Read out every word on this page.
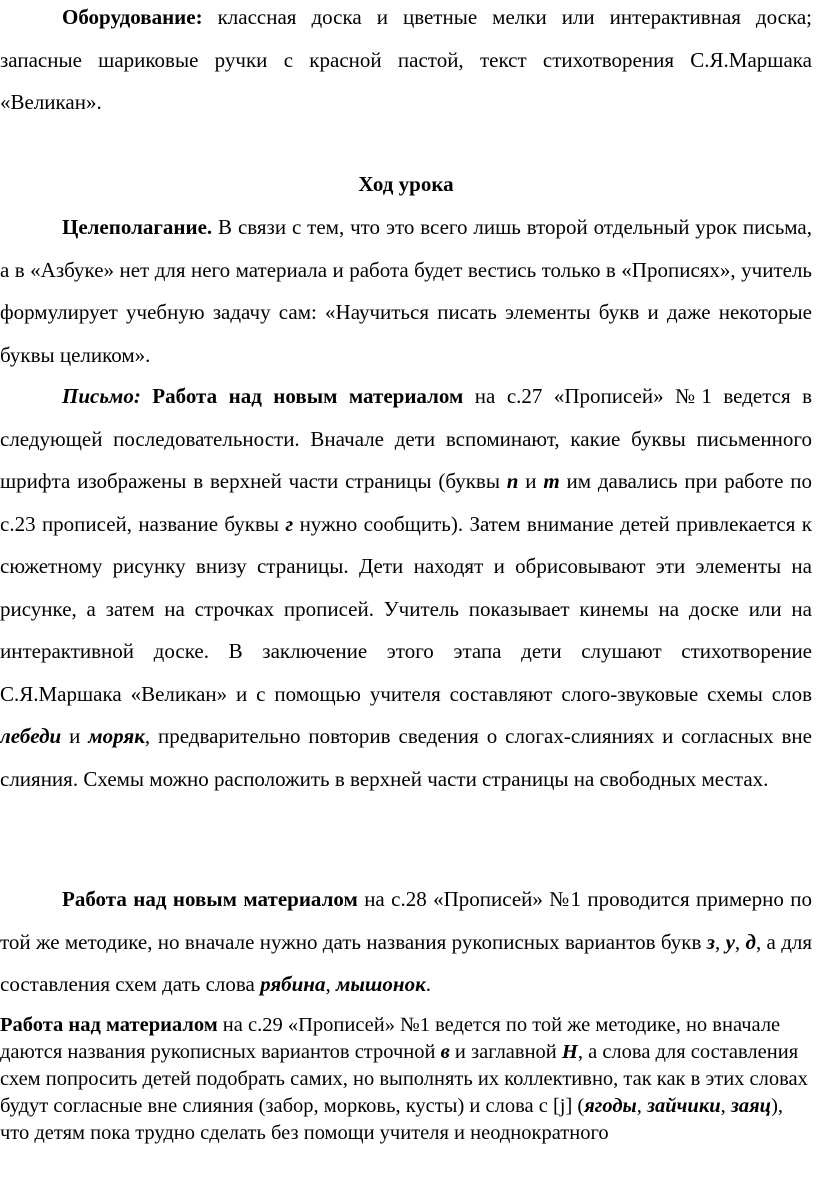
Оборудование: классная доска и цветные мелки или интерактивная доска; запасные шариковые ручки с красной пастой, текст стихотворения С.Я.Маршака «Великан».
Ход урока
Целеполагание. В связи с тем, что это всего лишь второй отдельный урок письма, а в «Азбуке» нет для него материала и работа будет вестись только в «Прописях», учитель формулирует учебную задачу сам: «Научиться писать элементы букв и даже некоторые буквы целиком».
Письмо: Работа над новым материалом на с.27 «Прописей» №1 ведется в следующей последовательности. Вначале дети вспоминают, какие буквы письменного шрифта изображены в верхней части страницы (буквы п и т им давались при работе по с.23 прописей, название буквы г нужно сообщить). Затем внимание детей привлекается к сюжетному рисунку внизу страницы. Дети находят и обрисовывают эти элементы на рисунке, а затем на строчках прописей. Учитель показывает кинемы на доске или на интерактивной доске. В заключение этого этапа дети слушают стихотворение С.Я.Маршака «Великан» и с помощью учителя составляют слого-звуковые схемы слов лебеди и моряк, предварительно повторив сведения о слогах-слияниях и согласных вне слияния. Схемы можно расположить в верхней части страницы на свободных местах.
Работа над новым материалом на с.28 «Прописей» №1 проводится примерно по той же методике, но вначале нужно дать названия рукописных вариантов букв з, у, д, а для составления схем дать слова рябина, мышонок.
Работа над материалом на с.29 «Прописей» №1 ведется по той же методике, но вначале даются названия рукописных вариантов строчной в и заглавной Н, а слова для составления схем попросить детей подобрать самих, но выполнять их коллективно, так как в этих словах будут согласные вне слияния (забор, морковь, кусты) и слова с [j] (ягоды, зайчики, заяц), что детям пока трудно сделать без помощи учителя и неоднократного
